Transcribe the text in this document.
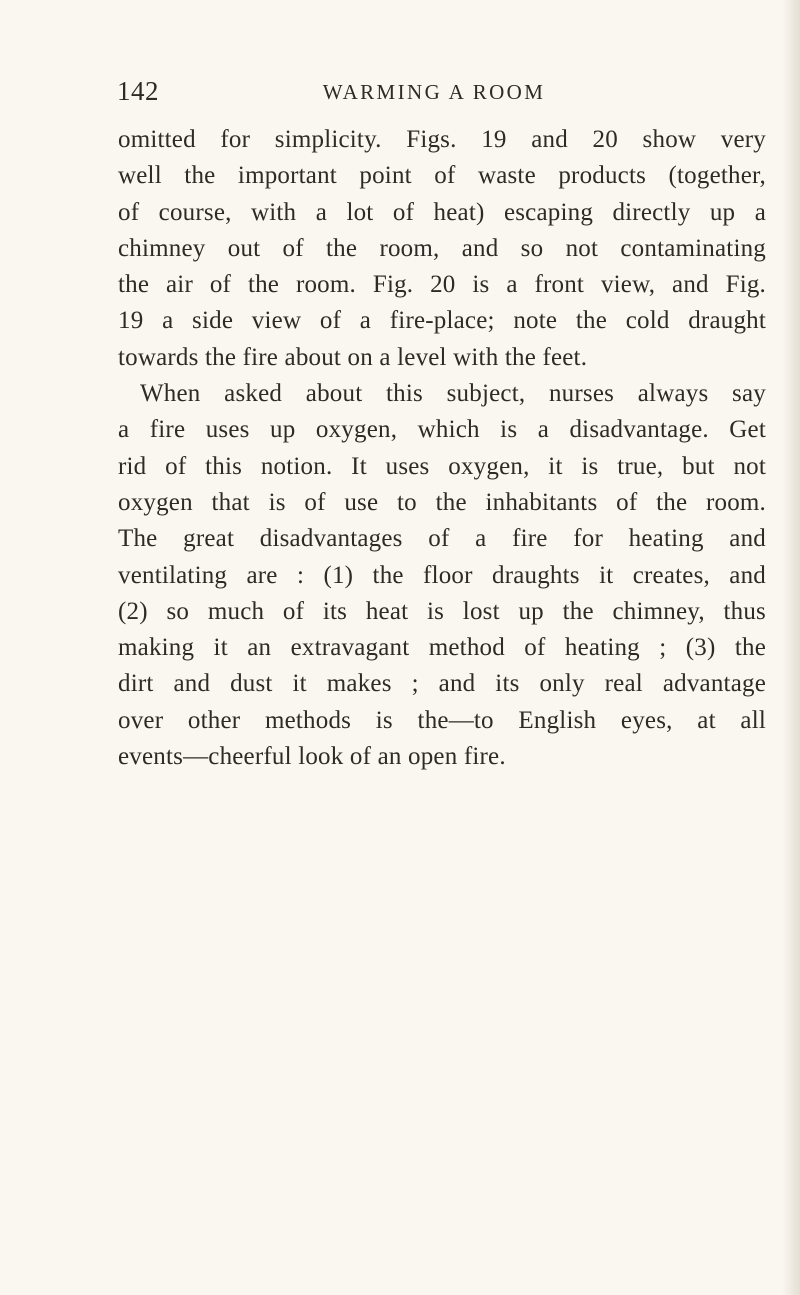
142	WARMING A ROOM
omitted for simplicity. Figs. 19 and 20 show very
well the important point of waste products (together,
of course, with a lot of heat) escaping directly up a
chimney out of the room, and so not contaminating
the air of the room. Fig. 20 is a front view, and Fig.
19 a side view of a fire-place; note the cold draught
towards the fire about on a level with the feet.
When asked about this subject, nurses always say
a fire uses up oxygen, which is a disadvantage. Get
rid of this notion. It uses oxygen, it is true, but not
oxygen that is of use to the inhabitants of the room.
The great disadvantages of a fire for heating and
ventilating are : (1) the floor draughts it creates, and
(2) so much of its heat is lost up the chimney, thus
making it an extravagant method of heating ; (3) the
dirt and dust it makes ; and its only real advantage
over other methods is the—to English eyes, at all
events—cheerful look of an open fire.
